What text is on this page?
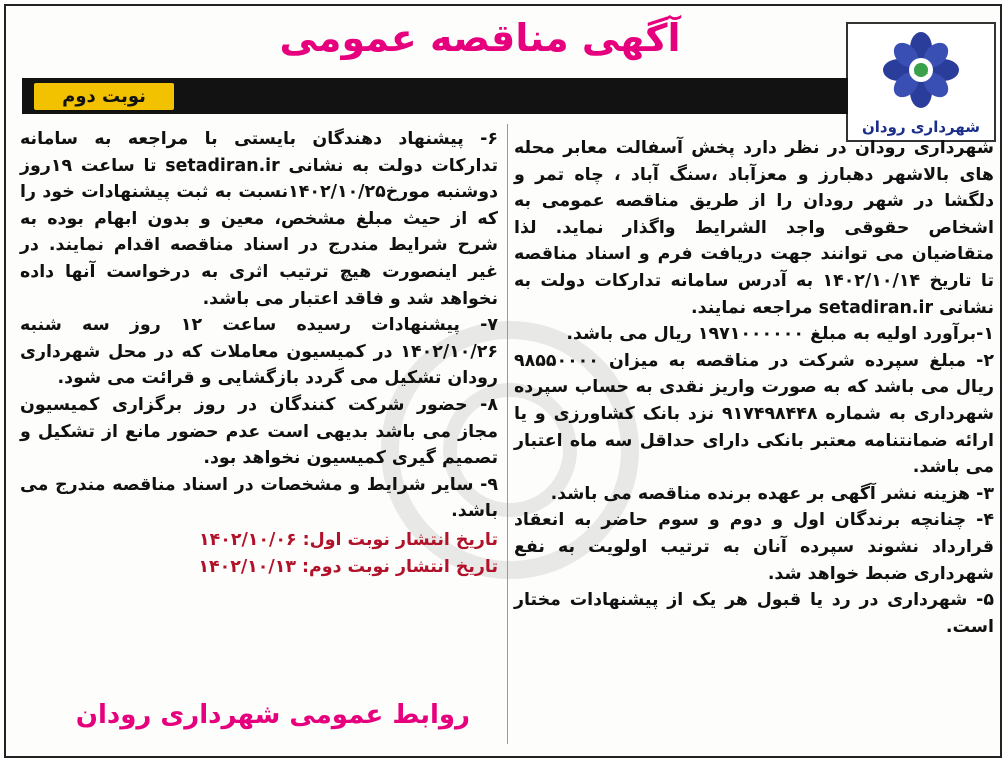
شهرداری رودان
آگهی مناقصه عمومی
نوبت دوم

شهرداری رودان در نظر دارد پخش آسفالت معابر محله های بالاشهر دهبارز و معزآباد ،سنگ آباد ، چاه تمر و دلگشا در شهر رودان را از طریق مناقصه عمومی به اشخاص حقوقی واجد الشرایط واگذار نماید. لذا متقاضیان می توانند جهت دریافت فرم و اسناد مناقصه تا تاریخ ۱۴۰۲/۱۰/۱۴ به آدرس سامانه تدارکات دولت به نشانی setadiran.ir مراجعه نمایند.

۱-برآورد اولیه به مبلغ ۱۹۷۱۰۰۰۰۰۰ ریال می باشد.

۲- مبلغ سپرده شرکت در مناقصه به میزان ۹۸۵۵۰۰۰۰ ریال می باشد که به صورت واریز نقدی به حساب سپرده شهرداری به شماره ۹۱۷۴۹۸۴۴۸ نزد بانک کشاورزی و یا ارائه ضمانتنامه معتبر بانکی دارای حداقل سه ماه اعتبار می باشد.

۳- هزینه نشر آگهی بر عهده برنده مناقصه می باشد.

۴- چنانچه برندگان اول و دوم و سوم حاضر به انعقاد قرارداد نشوند سپرده آنان به ترتیب اولویت به نفع شهرداری ضبط خواهد شد.

۵- شهرداری در رد یا قبول هر یک از پیشنهادات مختار است.

۶- پیشنهاد دهندگان بایستی با مراجعه به سامانه تدارکات دولت به نشانی setadiran.ir تا ساعت ۱۹روز دوشنبه مورخ۱۴۰۲/۱۰/۲۵نسبت به ثبت پیشنهادات خود را که از حیث مبلغ مشخص، معین و بدون ابهام بوده به شرح شرایط مندرج در اسناد مناقصه اقدام نمایند. در غیر اینصورت هیچ ترتیب اثری به درخواست آنها داده نخواهد شد و فاقد اعتبار می باشد.

۷- پیشنهادات رسیده ساعت ۱۲ روز سه شنبه ۱۴۰۲/۱۰/۲۶ در کمیسیون معاملات که در محل شهرداری رودان تشکیل می گردد بازگشایی و قرائت می شود.

۸- حضور شرکت کنندگان در روز برگزاری کمیسیون مجاز می باشد بدیهی است عدم حضور مانع از تشکیل و تصمیم گیری کمیسیون نخواهد بود.

۹- سایر شرایط و مشخصات در اسناد مناقصه مندرج می باشد.

تاریخ انتشار نوبت اول: ۱۴۰۲/۱۰/۰۶
تاریخ انتشار نوبت دوم: ۱۴۰۲/۱۰/۱۳
روابط عمومی شهرداری رودان
